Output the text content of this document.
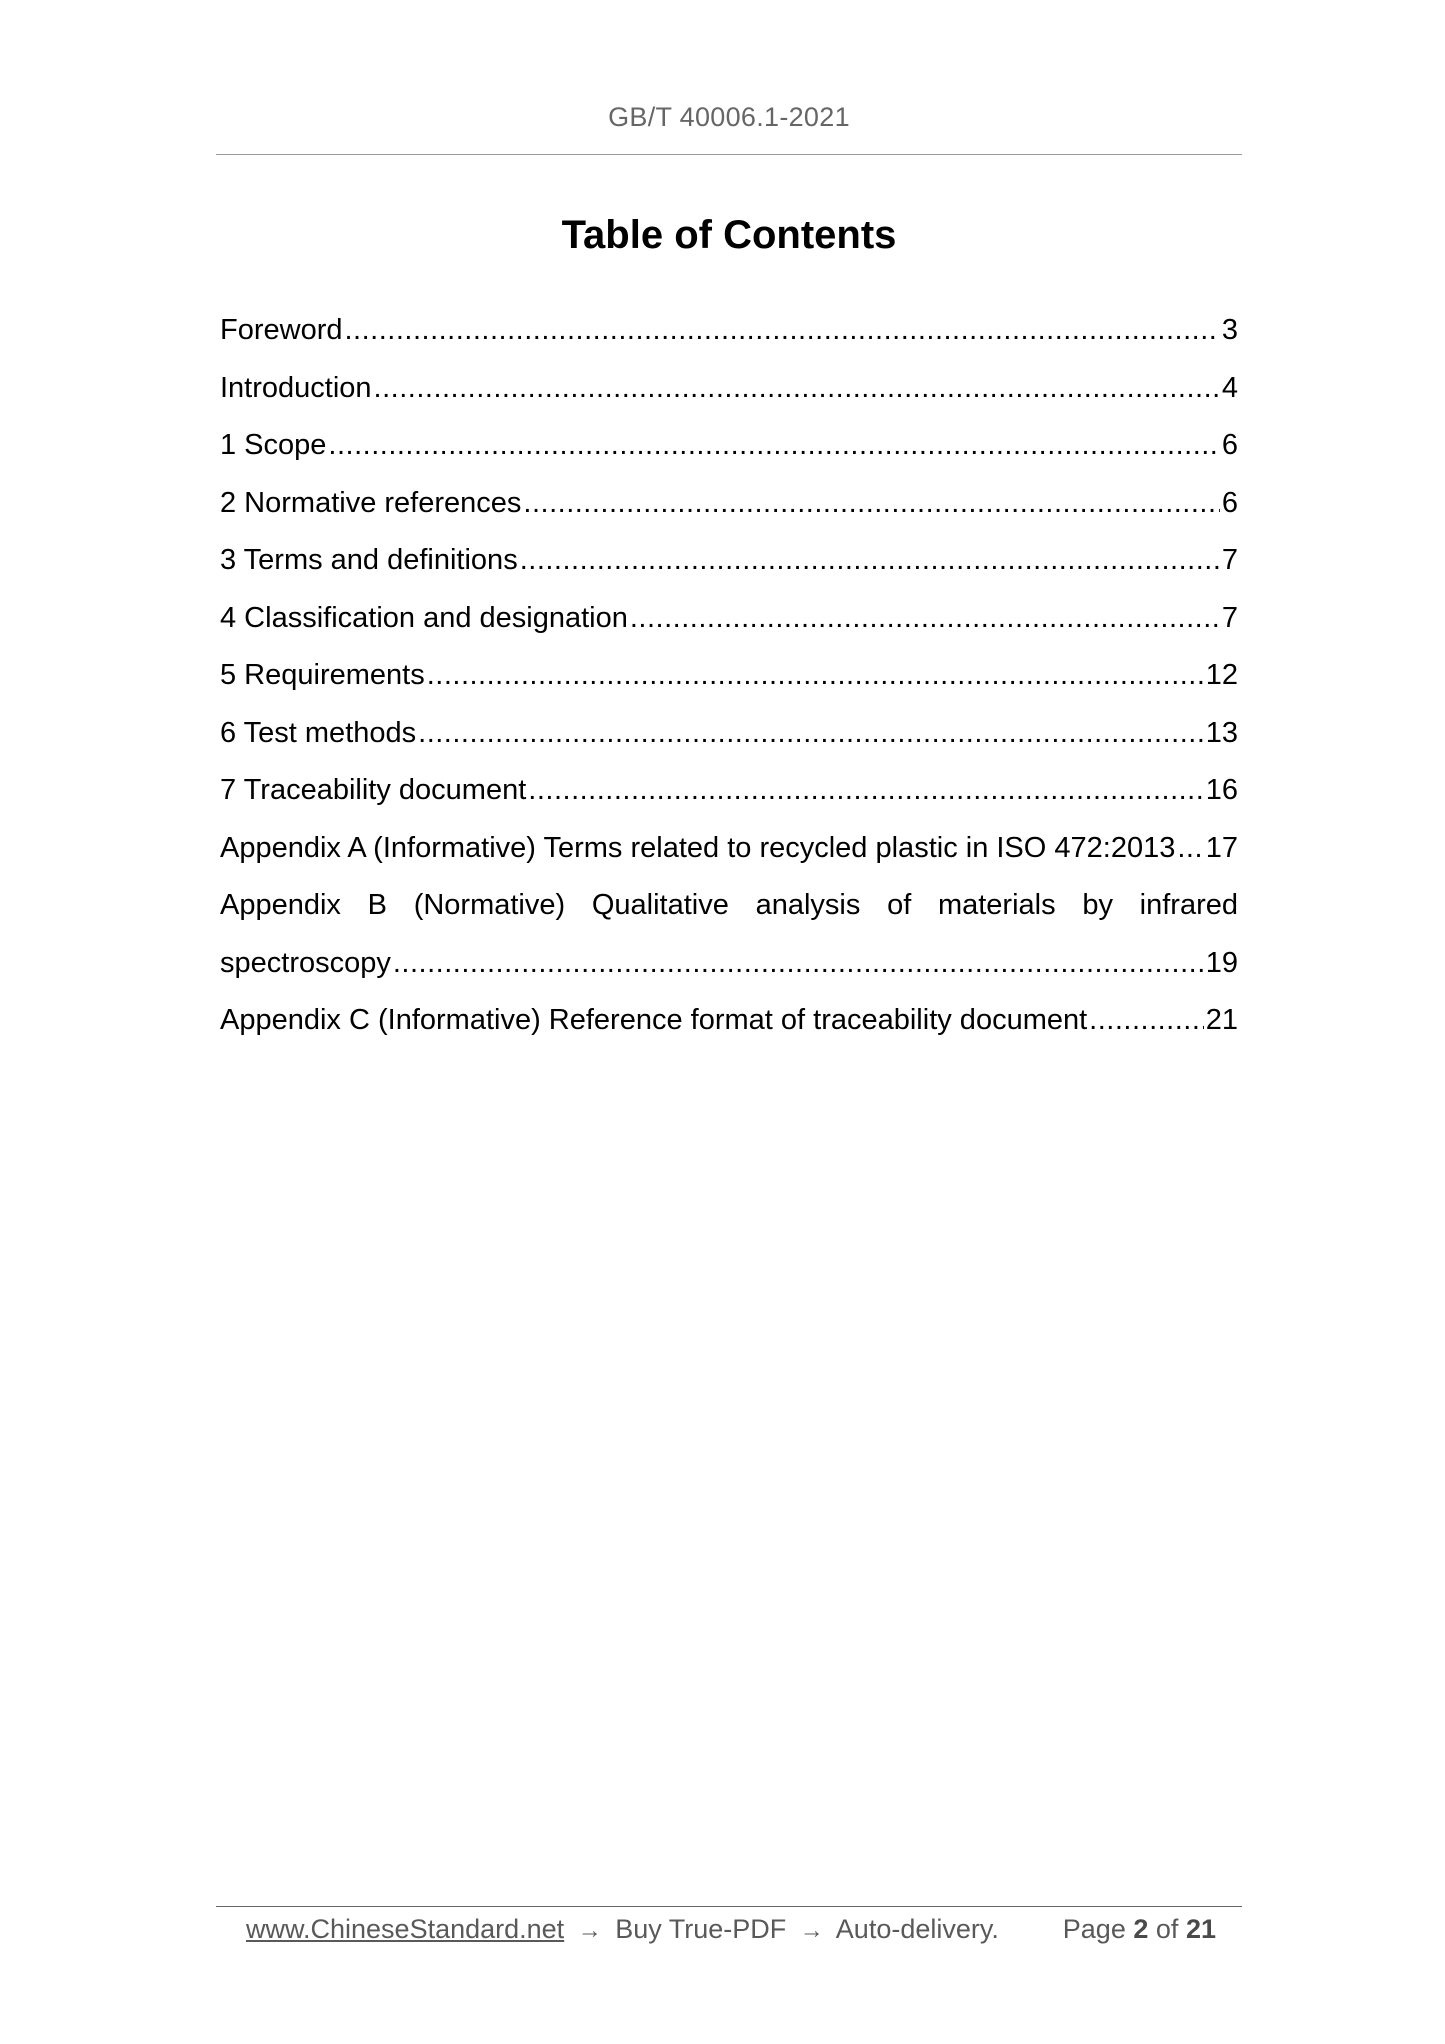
GB/T 40006.1-2021
Table of Contents
Foreword .....	3
Introduction .....	4
1 Scope .....	6
2 Normative references .....	6
3 Terms and definitions .....	7
4 Classification and designation .....	7
5 Requirements .....	12
6 Test methods .....	13
7 Traceability document .....	16
Appendix A (Informative) Terms related to recycled plastic in ISO 472:2013 ..... 17
Appendix B (Normative) Qualitative analysis of materials by infrared
spectroscopy .....	19
Appendix C (Informative) Reference format of traceability document .....	21
www.ChineseStandard.net → Buy True-PDF → Auto-delivery. Page 2 of 21
